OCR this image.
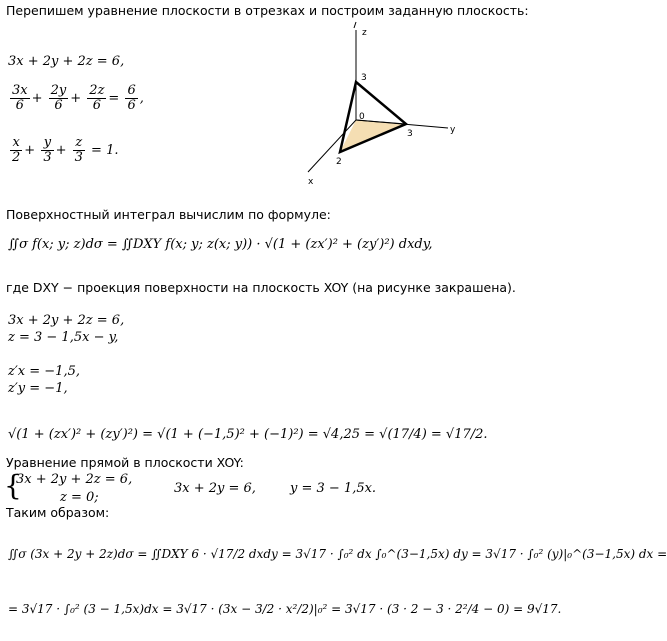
Перепишем уравнение плоскости в отрезках и построим заданную плоскость:
3x + 2y + 2z = 6,
$\frac{3x}{6} + \frac{2y}{6} + \frac{2z}{6} = \frac{6}{6}$ ,
$\frac{x}{2} + \frac{y}{3} + \frac{z}{3} = 1$.
z
y
x
3
3
2
0
Поверхностный интеграл вычислим по формуле:
∬σ f(x; y; z)dσ = ∬DXY f(x; y; z(x; y)) · √(1 + (zx′)² + (zy′)²) dxdy,
где DXY − проекция поверхности на плоскость XOY (на рисунке закрашена).
3x + 2y + 2z = 6,
z = 3 − 1,5x − y,
z′x = −1,5,
z′y = −1,
√(1 + (zx′)² + (zy′)²) = √(1 + (−1,5)² + (−1)²) = √4,25 = √(17/4) = √17/2.
Уравнение прямой в плоскости XOY:
{
3x + 2y + 2z = 6,
z = 0;
3x + 2y = 6,	y = 3 − 1,5x.
Таким образом:
∬σ (3x + 2y + 2z)dσ = ∬DXY 6 · √17/2 dxdy = 3√17 · ∫₀² dx ∫₀^(3−1,5x) dy = 3√17 · ∫₀² (y)|₀^(3−1,5x) dx =
= 3√17 · ∫₀² (3 − 1,5x)dx = 3√17 · (3x − 3/2 · x²/2)|₀² = 3√17 · (3 · 2 − 3 · 2²/4 − 0) = 9√17.
